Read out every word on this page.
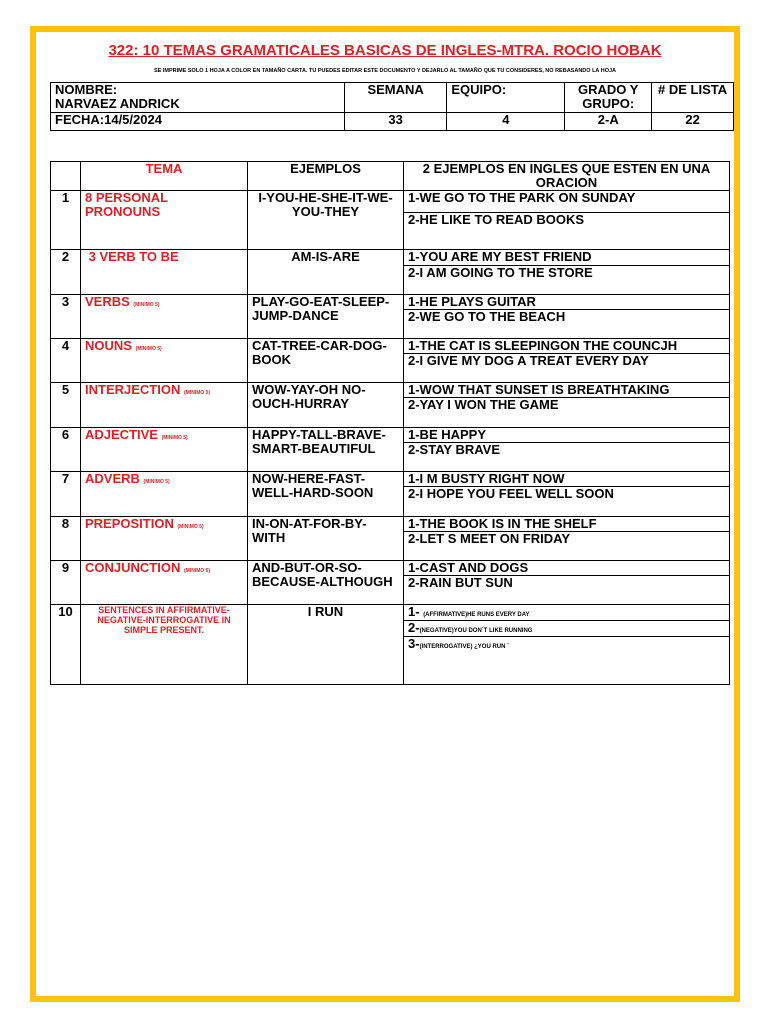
322: 10 TEMAS GRAMATICALES BASICAS DE INGLES-MTRA. ROCIO HOBAK
SE IMPRIME SOLO 1 HOJA A COLOR EN TAMAÑO CARTA. TU PUEDES EDITAR ESTE DOCUMENTO Y DEJARLO AL TAMAÑO QUE TU CONSIDERES, NO REBASANDO LA HOJA
NOMBRE:
NARVAEZ ANDRICK	SEMANA	EQUIPO:	GRADO Y GRUPO:	# DE LISTA
FECHA:14/5/2024	33	4	2-A	22
	TEMA	EJEMPLOS	2 EJEMPLOS EN INGLES QUE ESTEN EN UNA ORACION
1	8 PERSONAL PRONOUNS	I-YOU-HE-SHE-IT-WE-YOU-THEY	1-WE GO TO THE PARK ON SUNDAY
2-HE LIKE TO READ BOOKS

2	3 VERB TO BE	AM-IS-ARE	1-YOU ARE MY BEST FRIEND
2-I AM GOING TO THE STORE

3	VERBS (MINIMO 5)	PLAY-GO-EAT-SLEEP-JUMP-DANCE	1-HE PLAYS GUITAR
2-WE GO TO THE BEACH

4	NOUNS (MINIMO 5)	CAT-TREE-CAR-DOG-BOOK	1-THE CAT IS SLEEPINGON THE COUNCJH
2-I GIVE MY DOG A TREAT EVERY DAY

5	INTERJECTION (MINIMO 5)	WOW-YAY-OH NO-OUCH-HURRAY	1-WOW THAT SUNSET IS BREATHTAKING
2-YAY I WON THE GAME

6	ADJECTIVE (MINIMO 5)	HAPPY-TALL-BRAVE-SMART-BEAUTIFUL	1-BE HAPPY
2-STAY BRAVE

7	ADVERB (MINIMO 5)	NOW-HERE-FAST-WELL-HARD-SOON	1-I M BUSTY RIGHT NOW
2-I HOPE YOU FEEL WELL SOON

8	PREPOSITION (MINIMO 5)	IN-ON-AT-FOR-BY-WITH	1-THE BOOK IS IN THE SHELF
2-LET S MEET ON FRIDAY

9	CONJUNCTION (MINIMO 5)	AND-BUT-OR-SO-BECAUSE-ALTHOUGH	1-CAST AND DOGS
2-RAIN BUT SUN

10	SENTENCES IN AFFIRMATIVE-NEGATIVE-INTERROGATIVE IN SIMPLE PRESENT.	I RUN	1- (AFFIRMATIVE)HE RUNS EVERY DAY
2-(NEGATIVE)YOU DON´T LIKE RUNNING
3-(INTERROGATIVE) ¿YOU RUN ´
